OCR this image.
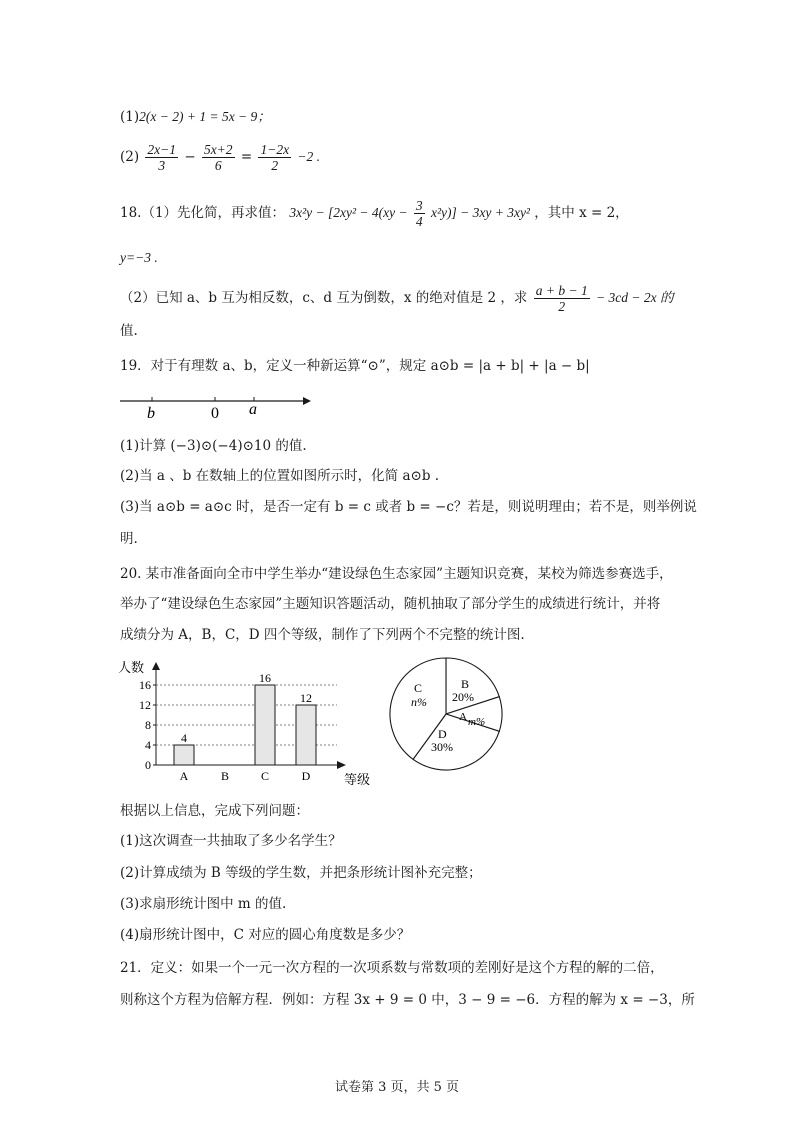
(1)2(x − 2) + 1 = 5x − 9；
$(2) \frac{2x-1}{3} - \frac{5x+2}{6} = \frac{1-2x}{2} -2$ .
18.（1）先化简，再求值： $3x^2y - [2xy^2 - 4(xy - \frac{3}{4} x^2y)] - 3xy + 3xy^2$ ，其中 x = 2，
y=−3 .
（2）已知 a、b 互为相反数，c、d 互为倒数，x 的绝对值是 2 ，求 $\frac{a + b - 1}{2} - 3cd - 2x$ 的
值.
19．对于有理数 a、b，定义一种新运算“⊙”，规定 a⊙b = |a + b| + |a − b|
b	0 a
(1)计算 (−3)⊙(−4)⊙10 的值.
(2)当 a 、b 在数轴上的位置如图所示时，化简 a⊙b .
(3)当 a⊙b = a⊙c 时，是否一定有 b = c 或者 b = −c？若是，则说明理由；若不是，则举例说
明.
20. 某市准备面向全市中学生举办“建设绿色生态家园”主题知识竞赛，某校为筛选参赛选手，
举办了“建设绿色生态家园”主题知识答题活动，随机抽取了部分学生的成绩进行统计，并将
成绩分为 A，B，C，D 四个等级，制作了下列两个不完整的统计图.
人数
0
4
8
12
16
4
A	B
16
C
12
D	等级
C
n%
B
20%
A m%
D
30%
根据以上信息，完成下列问题：
(1)这次调查一共抽取了多少名学生？
(2)计算成绩为 B 等级的学生数，并把条形统计图补充完整；
(3)求扇形统计图中 m 的值.
(4)扇形统计图中，C 对应的圆心角度数是多少？
21．定义：如果一个一元一次方程的一次项系数与常数项的差刚好是这个方程的解的二倍，
则称这个方程为倍解方程．例如：方程 3x + 9 = 0 中，3 − 9 = −6．方程的解为 x = −3，所
试卷第 3 页，共 5 页
